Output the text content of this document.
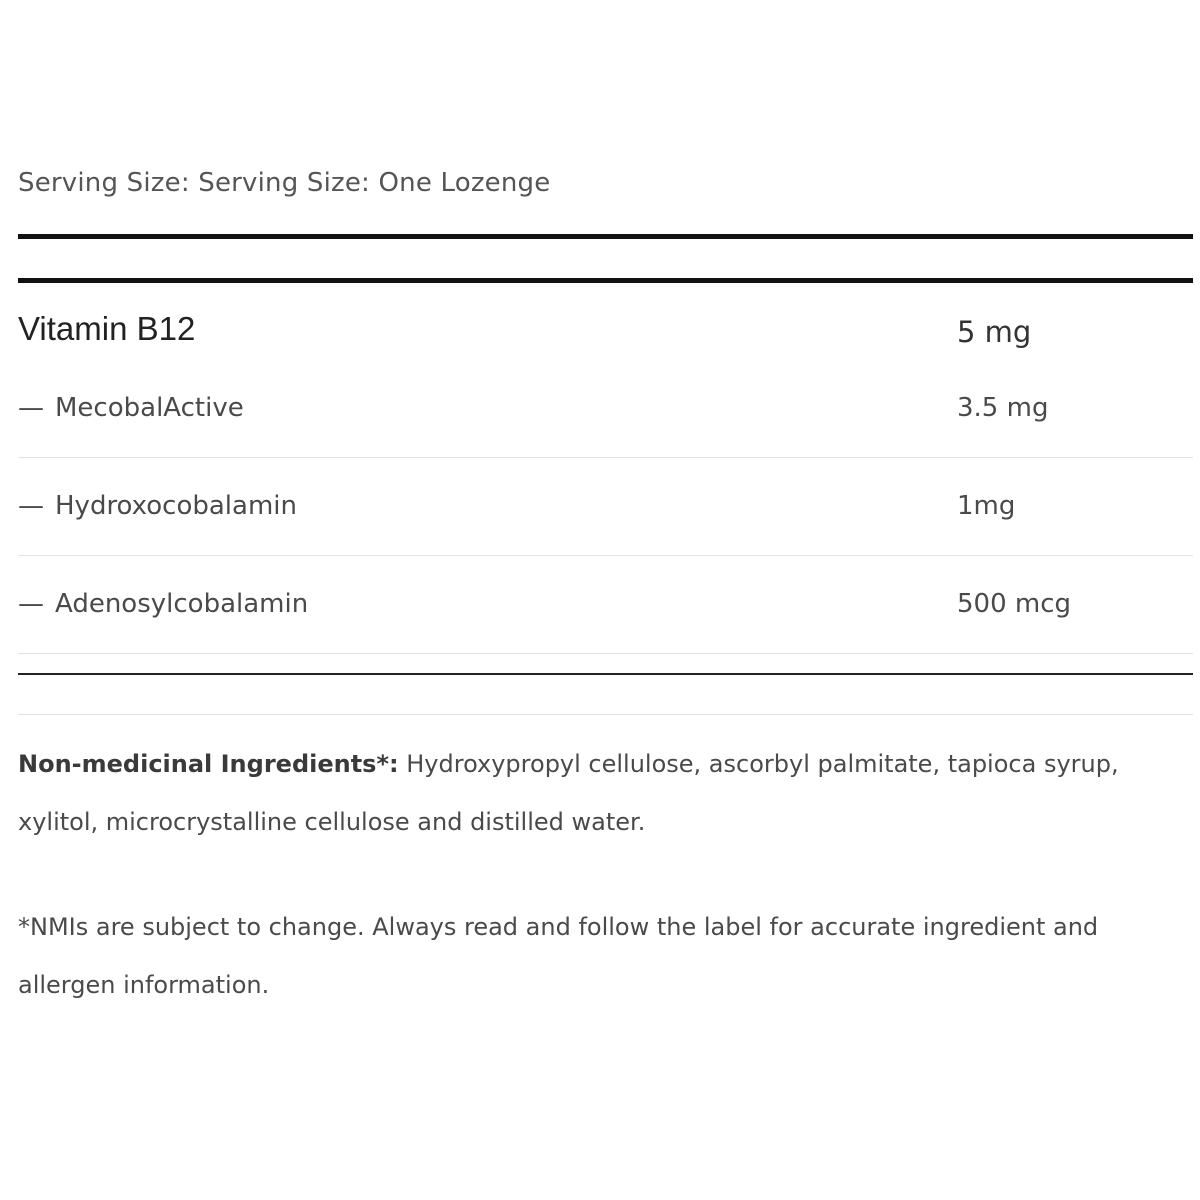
Serving Size: Serving Size: One Lozenge
Vitamin B12	5 mg
— MecobalActive	3.5 mg
— Hydroxocobalamin	1mg
— Adenosylcobalamin	500 mcg
Non-medicinal Ingredients*: Hydroxypropyl cellulose, ascorbyl palmitate, tapioca syrup, xylitol, microcrystalline cellulose and distilled water.
*NMIs are subject to change. Always read and follow the label for accurate ingredient and allergen information.
